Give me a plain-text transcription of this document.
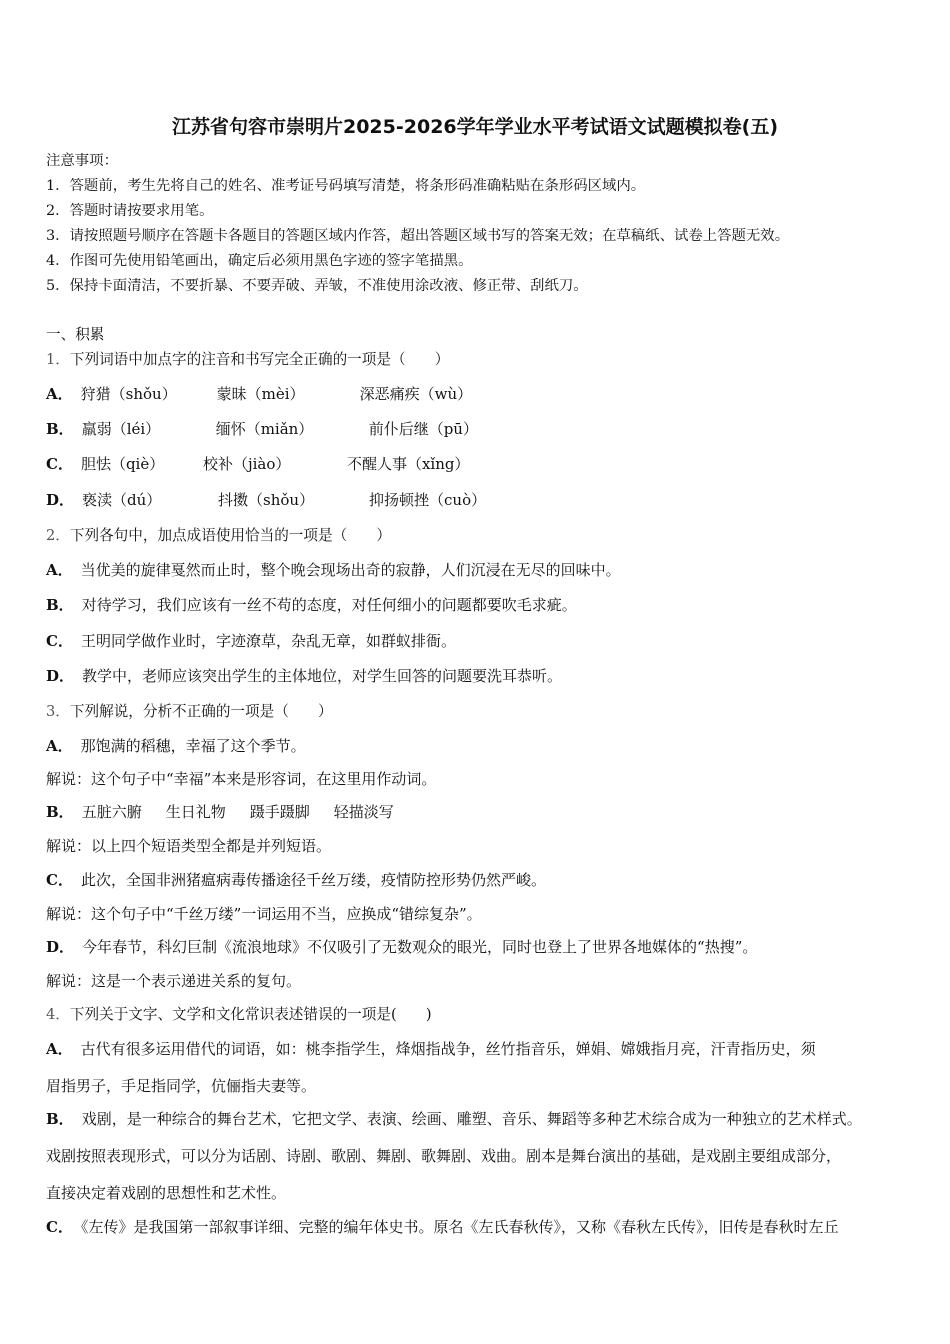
江苏省句容市崇明片2025-2026学年学业水平考试语文试题模拟卷(五)
注意事项：
1．答题前，考生先将自己的姓名、准考证号码填写清楚，将条形码准确粘贴在条形码区域内。
2．答题时请按要求用笔。
3．请按照题号顺序在答题卡各题目的答题区域内作答，超出答题区域书写的答案无效；在草稿纸、试卷上答题无效。
4．作图可先使用铅笔画出，确定后必须用黑色字迹的签字笔描黑。
5．保持卡面清洁，不要折暴、不要弄破、弄皱，不准使用涂改液、修正带、刮纸刀。
一、积累
1．下列词语中加点字的注音和书写完全正确的一项是（　　）
A． 狩猎（shǒu）	蒙昧（mèi）	深恶痛疾（wù）
B． 羸弱（léi）	缅怀（miǎn）	前仆后继（pū）
C． 胆怯（qiè）	校补（jiào）	不醒人事（xǐng）
D． 亵渎（dú）	抖擞（shǒu）	抑扬顿挫（cuò）
2．下列各句中，加点成语使用恰当的一项是（　　）
A． 当优美的旋律戛然而止时，整个晚会现场出奇的寂静，人们沉浸在无尽的回味中。
B． 对待学习，我们应该有一丝不苟的态度，对任何细小的问题都要吹毛求疵。
C． 王明同学做作业时，字迹潦草，杂乱无章，如群蚁排衙。
D． 教学中，老师应该突出学生的主体地位，对学生回答的问题要洗耳恭听。
3．下列解说，分析不正确的一项是（　　）
A． 那饱满的稻穗，幸福了这个季节。
解说：这个句子中“幸福”本来是形容词，在这里用作动词。
B． 五脏六腑 生日礼物 蹑手蹑脚 轻描淡写
解说：以上四个短语类型全都是并列短语。
C． 此次，全国非洲猪瘟病毒传播途径千丝万缕，疫情防控形势仍然严峻。
解说：这个句子中“千丝万缕”一词运用不当，应换成“错综复杂”。
D． 今年春节，科幻巨制《流浪地球》不仅吸引了无数观众的眼光，同时也登上了世界各地媒体的“热搜”。
解说：这是一个表示递进关系的复句。
4．下列关于文字、文学和文化常识表述错误的一项是(　　)
A． 古代有很多运用借代的词语，如：桃李指学生，烽烟指战争，丝竹指音乐，婵娟、嫦娥指月亮，汗青指历史，须
眉指男子，手足指同学，伉俪指夫妻等。
B． 戏剧，是一种综合的舞台艺术，它把文学、表演、绘画、雕塑、音乐、舞蹈等多种艺术综合成为一种独立的艺术样式。
戏剧按照表现形式，可以分为话剧、诗剧、歌剧、舞剧、歌舞剧、戏曲。剧本是舞台演出的基础，是戏剧主要组成部分，
直接决定着戏剧的思想性和艺术性。
C． 《左传》是我国第一部叙事详细、完整的编年体史书。原名《左氏春秋传》，又称《春秋左氏传》，旧传是春秋时左丘
